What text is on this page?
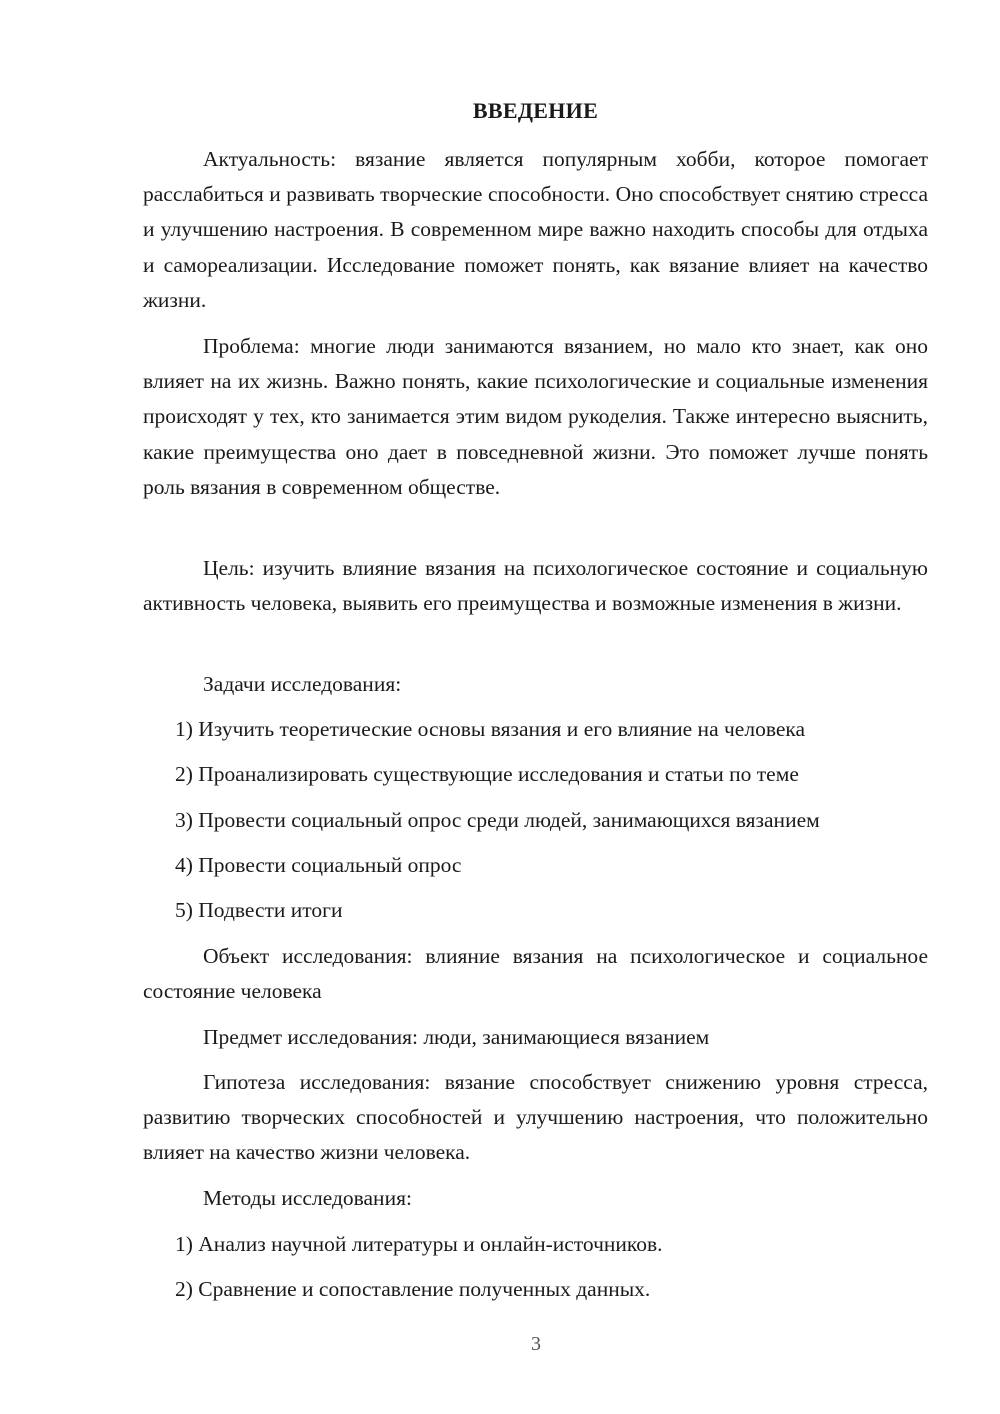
ВВЕДЕНИЕ

Актуальность: вязание является популярным хобби, которое помогает расслабиться и развивать творческие способности. Оно способствует снятию стресса и улучшению настроения. В современном мире важно находить способы для отдыха и самореализации. Исследование поможет понять, как вязание влияет на качество жизни.

Проблема: многие люди занимаются вязанием, но мало кто знает, как оно влияет на их жизнь. Важно понять, какие психологические и социальные изменения происходят у тех, кто занимается этим видом рукоделия. Также интересно выяснить, какие преимущества оно дает в повседневной жизни. Это поможет лучше понять роль вязания в современном обществе.

Цель: изучить влияние вязания на психологическое состояние и социальную активность человека, выявить его преимущества и возможные изменения в жизни.

Задачи исследования:

1) Изучить теоретические основы вязания и его влияние на человека

2) Проанализировать существующие исследования и статьи по теме

3) Провести социальный опрос среди людей, занимающихся вязанием

4) Провести социальный опрос

5) Подвести итоги

Объект исследования: влияние вязания на психологическое и социальное состояние человека

Предмет исследования: люди, занимающиеся вязанием

Гипотеза исследования: вязание способствует снижению уровня стресса, развитию творческих способностей и улучшению настроения, что положительно влияет на качество жизни человека.

Методы исследования:

1) Анализ научной литературы и онлайн-источников.

2) Сравнение и сопоставление полученных данных.

3
